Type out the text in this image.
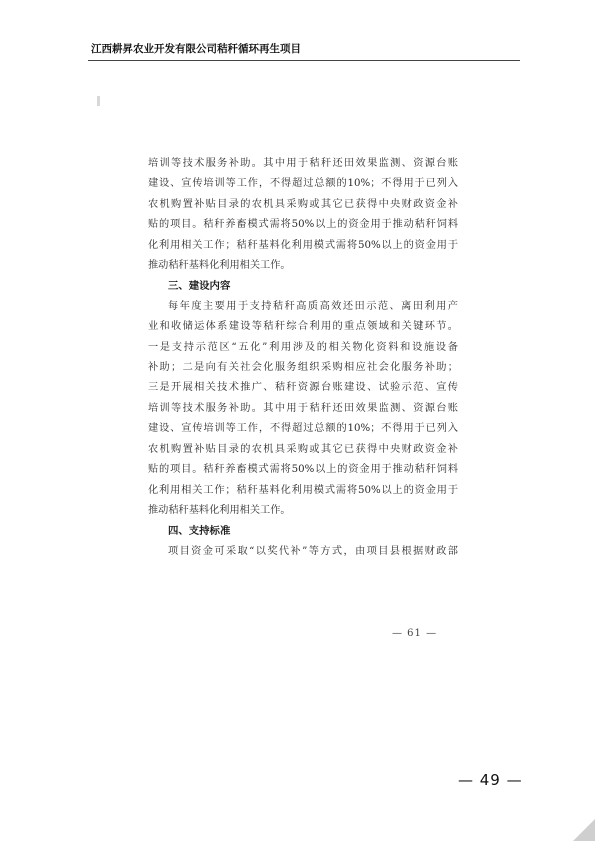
江西耕昇农业开发有限公司秸秆循环再生项目
培训等技术服务补助。其中用于秸秆还田效果监测、资源台账
建设、宣传培训等工作，不得超过总额的10%；不得用于已列入
农机购置补贴目录的农机具采购或其它已获得中央财政资金补
贴的项目。秸秆养畜模式需将50%以上的资金用于推动秸秆饲料
化利用相关工作；秸秆基料化利用模式需将50%以上的资金用于
推动秸秆基料化利用相关工作。
三、建设内容
每年度主要用于支持秸秆高质高效还田示范、离田利用产
业和收储运体系建设等秸秆综合利用的重点领域和关键环节。
一是支持示范区“五化”利用涉及的相关物化资料和设施设备
补助；二是向有关社会化服务组织采购相应社会化服务补助；
三是开展相关技术推广、秸秆资源台账建设、试验示范、宣传
培训等技术服务补助。其中用于秸秆还田效果监测、资源台账
建设、宣传培训等工作，不得超过总额的10%；不得用于已列入
农机购置补贴目录的农机具采购或其它已获得中央财政资金补
贴的项目。秸秆养畜模式需将50%以上的资金用于推动秸秆饲料
化利用相关工作；秸秆基料化利用模式需将50%以上的资金用于
推动秸秆基料化利用相关工作。
四、支持标准
项目资金可采取“以奖代补”等方式，由项目县根据财政部
— 61 —
— 49 —
